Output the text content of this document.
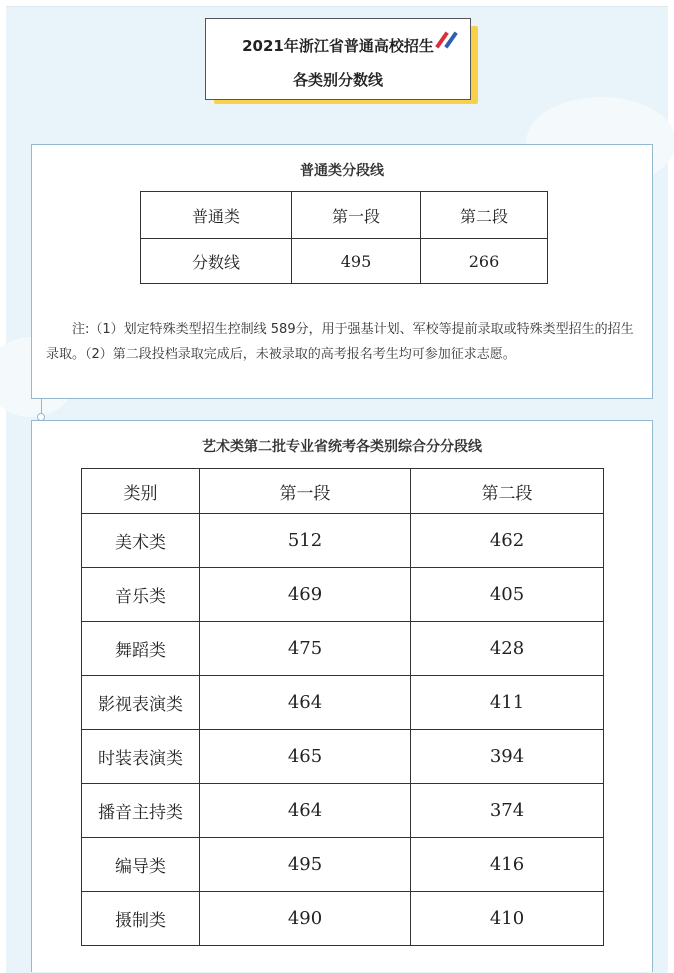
2021年浙江省普通高校招生
各类别分数线
普通类分段线
普通类	第一段	第二段
分数线	495	266
注:（1）划定特殊类型招生控制线 589分，用于强基计划、军校等提前录取或特殊类型招生的招生录取。（2）第二段投档录取完成后，未被录取的高考报名考生均可参加征求志愿。
艺术类第二批专业省统考各类别综合分分段线
类别	第一段	第二段
美术类	512	462
音乐类	469	405
舞蹈类	475	428
影视表演类	464	411
时装表演类	465	394
播音主持类	464	374
编导类	495	416
摄制类	490	410
